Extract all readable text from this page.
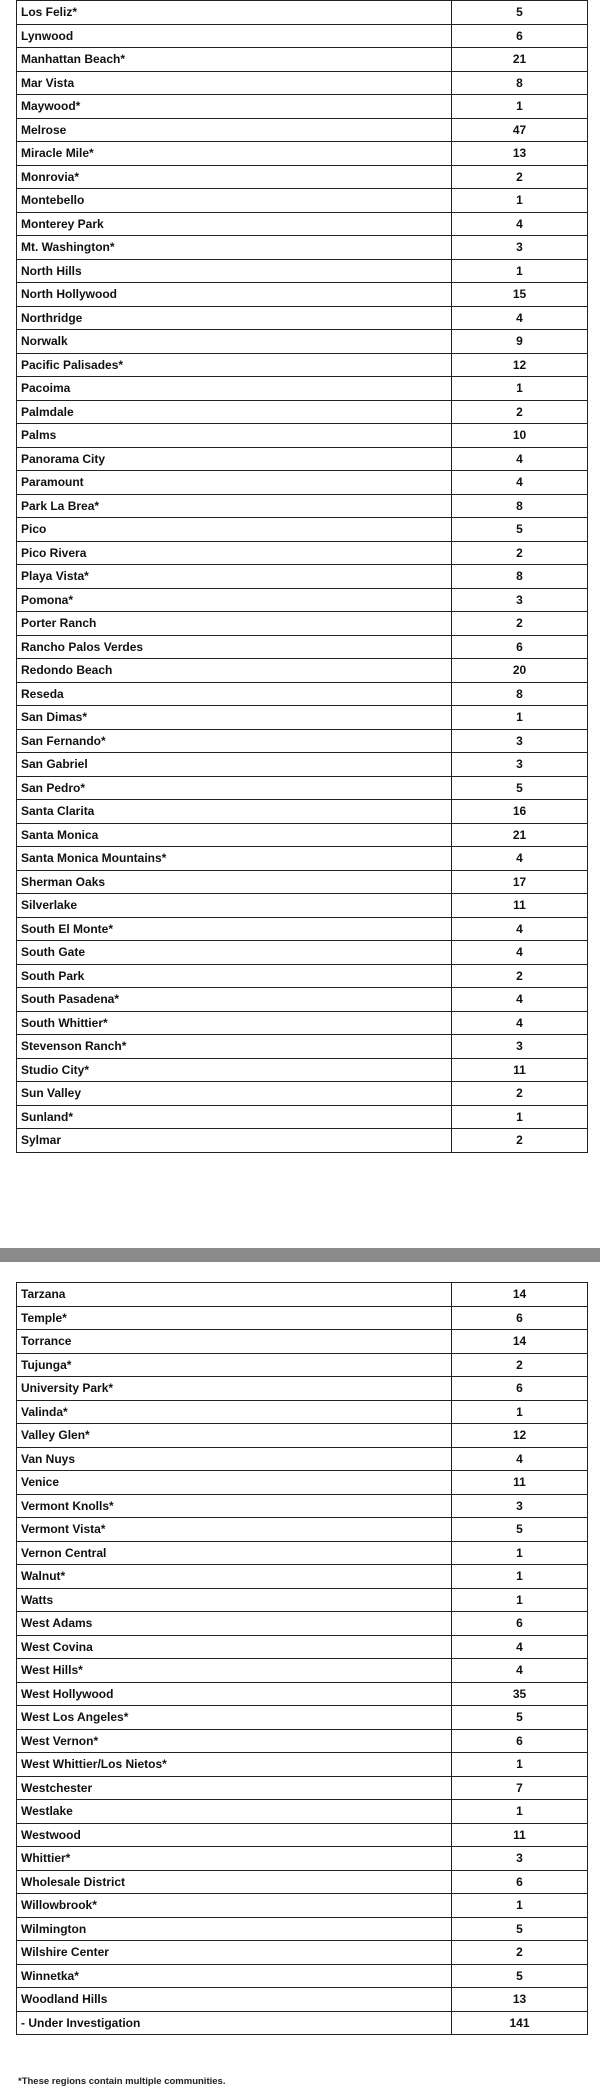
Los Feliz*	5
Lynwood	6
Manhattan Beach*	21
Mar Vista	8
Maywood*	1
Melrose	47
Miracle Mile*	13
Monrovia*	2
Montebello	1
Monterey Park	4
Mt. Washington*	3
North Hills	1
North Hollywood	15
Northridge	4
Norwalk	9
Pacific Palisades*	12
Pacoima	1
Palmdale	2
Palms	10
Panorama City	4
Paramount	4
Park La Brea*	8
Pico	5
Pico Rivera	2
Playa Vista*	8
Pomona*	3
Porter Ranch	2
Rancho Palos Verdes	6
Redondo Beach	20
Reseda	8
San Dimas*	1
San Fernando*	3
San Gabriel	3
San Pedro*	5
Santa Clarita	16
Santa Monica	21
Santa Monica Mountains*	4
Sherman Oaks	17
Silverlake	11
South El Monte*	4
South Gate	4
South Park	2
South Pasadena*	4
South Whittier*	4
Stevenson Ranch*	3
Studio City*	11
Sun Valley	2
Sunland*	1
Sylmar	2
Tarzana	14
Temple*	6
Torrance	14
Tujunga*	2
University Park*	6
Valinda*	1
Valley Glen*	12
Van Nuys	4
Venice	11
Vermont Knolls*	3
Vermont Vista*	5
Vernon Central	1
Walnut*	1
Watts	1
West Adams	6
West Covina	4
West Hills*	4
West Hollywood	35
West Los Angeles*	5
West Vernon*	6
West Whittier/Los Nietos*	1
Westchester	7
Westlake	1
Westwood	11
Whittier*	3
Wholesale District	6
Willowbrook*	1
Wilmington	5
Wilshire Center	2
Winnetka*	5
Woodland Hills	13
- Under Investigation	141
*These regions contain multiple communities.
